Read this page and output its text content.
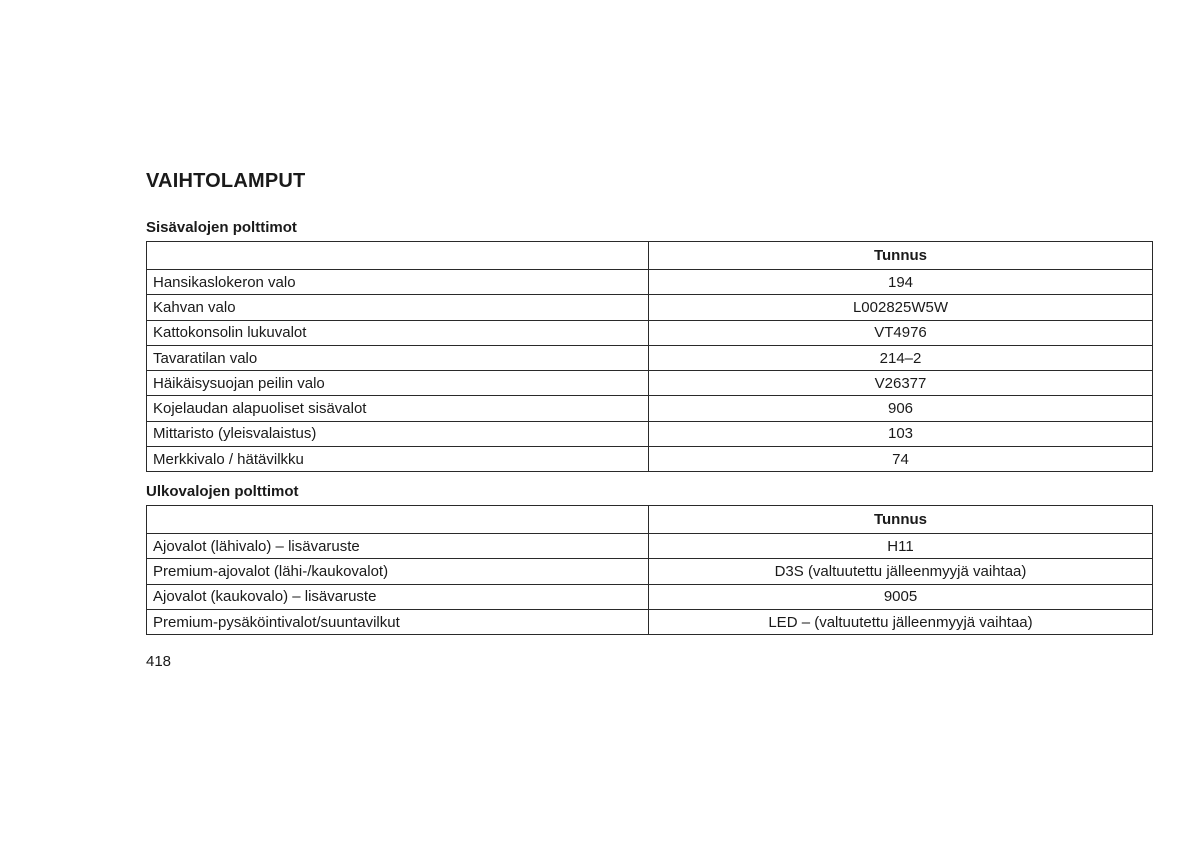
VAIHTOLAMPUT
Sisävalojen polttimot
	Tunnus
Hansikaslokeron valo	194
Kahvan valo	L002825W5W
Kattokonsolin lukuvalot	VT4976
Tavaratilan valo	214–2
Häikäisysuojan peilin valo	V26377
Kojelaudan alapuoliset sisävalot	906
Mittaristo (yleisvalaistus)	103
Merkkivalo / hätävilkku	74
Ulkovalojen polttimot
	Tunnus
Ajovalot (lähivalo) – lisävaruste	H11
Premium-ajovalot (lähi-/kaukovalot)	D3S (valtuutettu jälleenmyyjä vaihtaa)
Ajovalot (kaukovalo) – lisävaruste	9005
Premium-pysäköintivalot/suuntavilkut	LED – (valtuutettu jälleenmyyjä vaihtaa)

418
